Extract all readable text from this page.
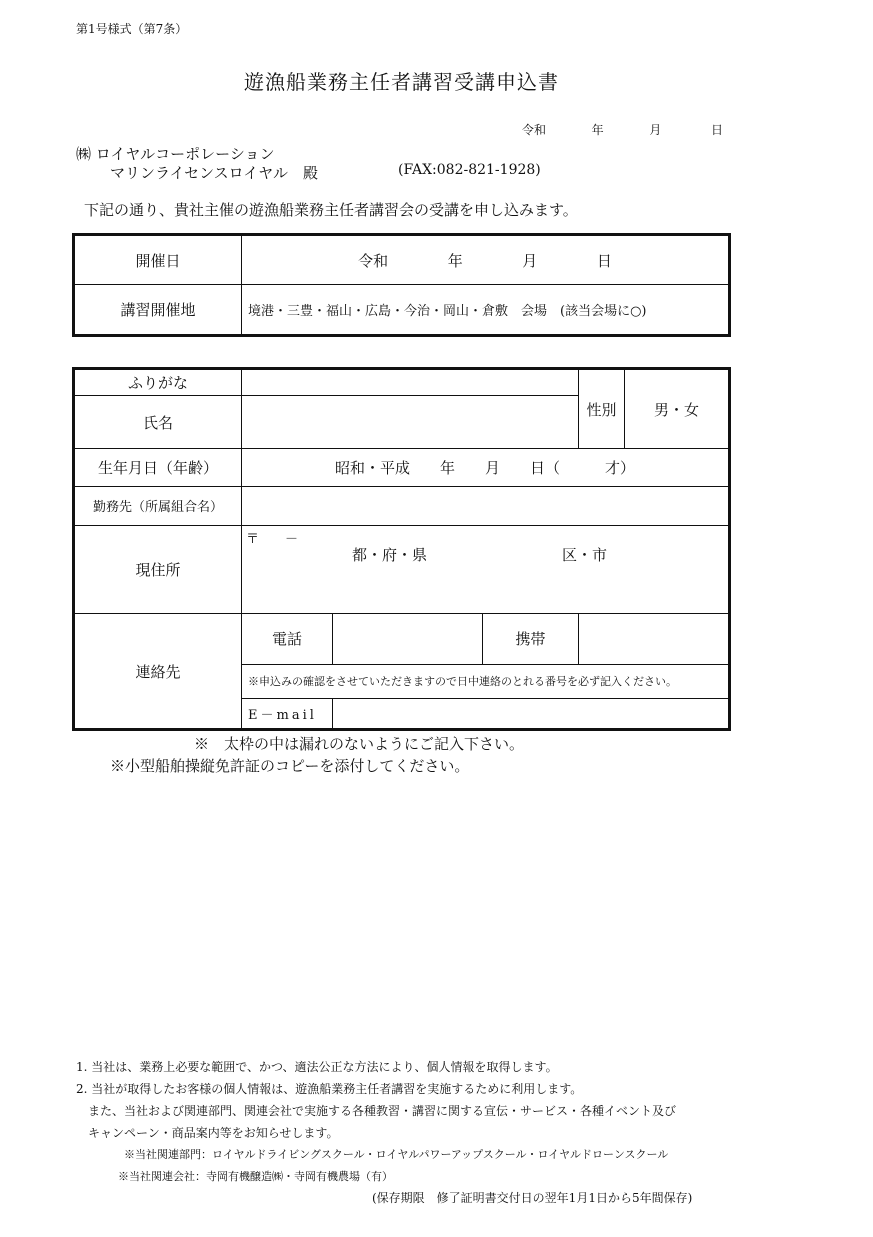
第1号様式（第7条）
遊漁船業務主任者講習受講申込書
令和	年	月	日
㈱ ロイヤルコーポレーション
マリンライセンスロイヤル　殿	(FAX:082-821-1928)
下記の通り、貴社主催の遊漁船業務主任者講習会の受講を申し込みます。
開催日	令和 年 月 日
講習開催地	境港・三豊・福山・広島・今治・岡山・倉敷　会場　(該当会場に○)
ふりがな				性別	男・女
氏名					
生年月日（年齢）	昭和・平成　　年　　月　　日（　　　才）				
勤務先（所属組合名）					
現住所	〒　　－
都・府・県　　　　　　　　　区・市				

連絡先	電話		携帯		
	※申込みの確認をさせていただきますので日中連絡のとれる番号を必ず記入ください。				
	E－mail				
※　太枠の中は漏れのないようにご記入下さい。
※小型船舶操縦免許証のコピーを添付してください。
1. 当社は、業務上必要な範囲で、かつ、適法公正な方法により、個人情報を取得します。
2. 当社が取得したお客様の個人情報は、遊漁船業務主任者講習を実施するために利用します。
また、当社および関連部門、関連会社で実施する各種教習・講習に関する宣伝・サービス・各種イベント及び
キャンペーン・商品案内等をお知らせします。
※当社関連部門：ロイヤルドライビングスクール・ロイヤルパワーアップスクール・ロイヤルドローンスクール
※当社関連会社：寺岡有機醸造㈱・寺岡有機農場（有）
(保存期限　修了証明書交付日の翌年1月1日から5年間保存)
